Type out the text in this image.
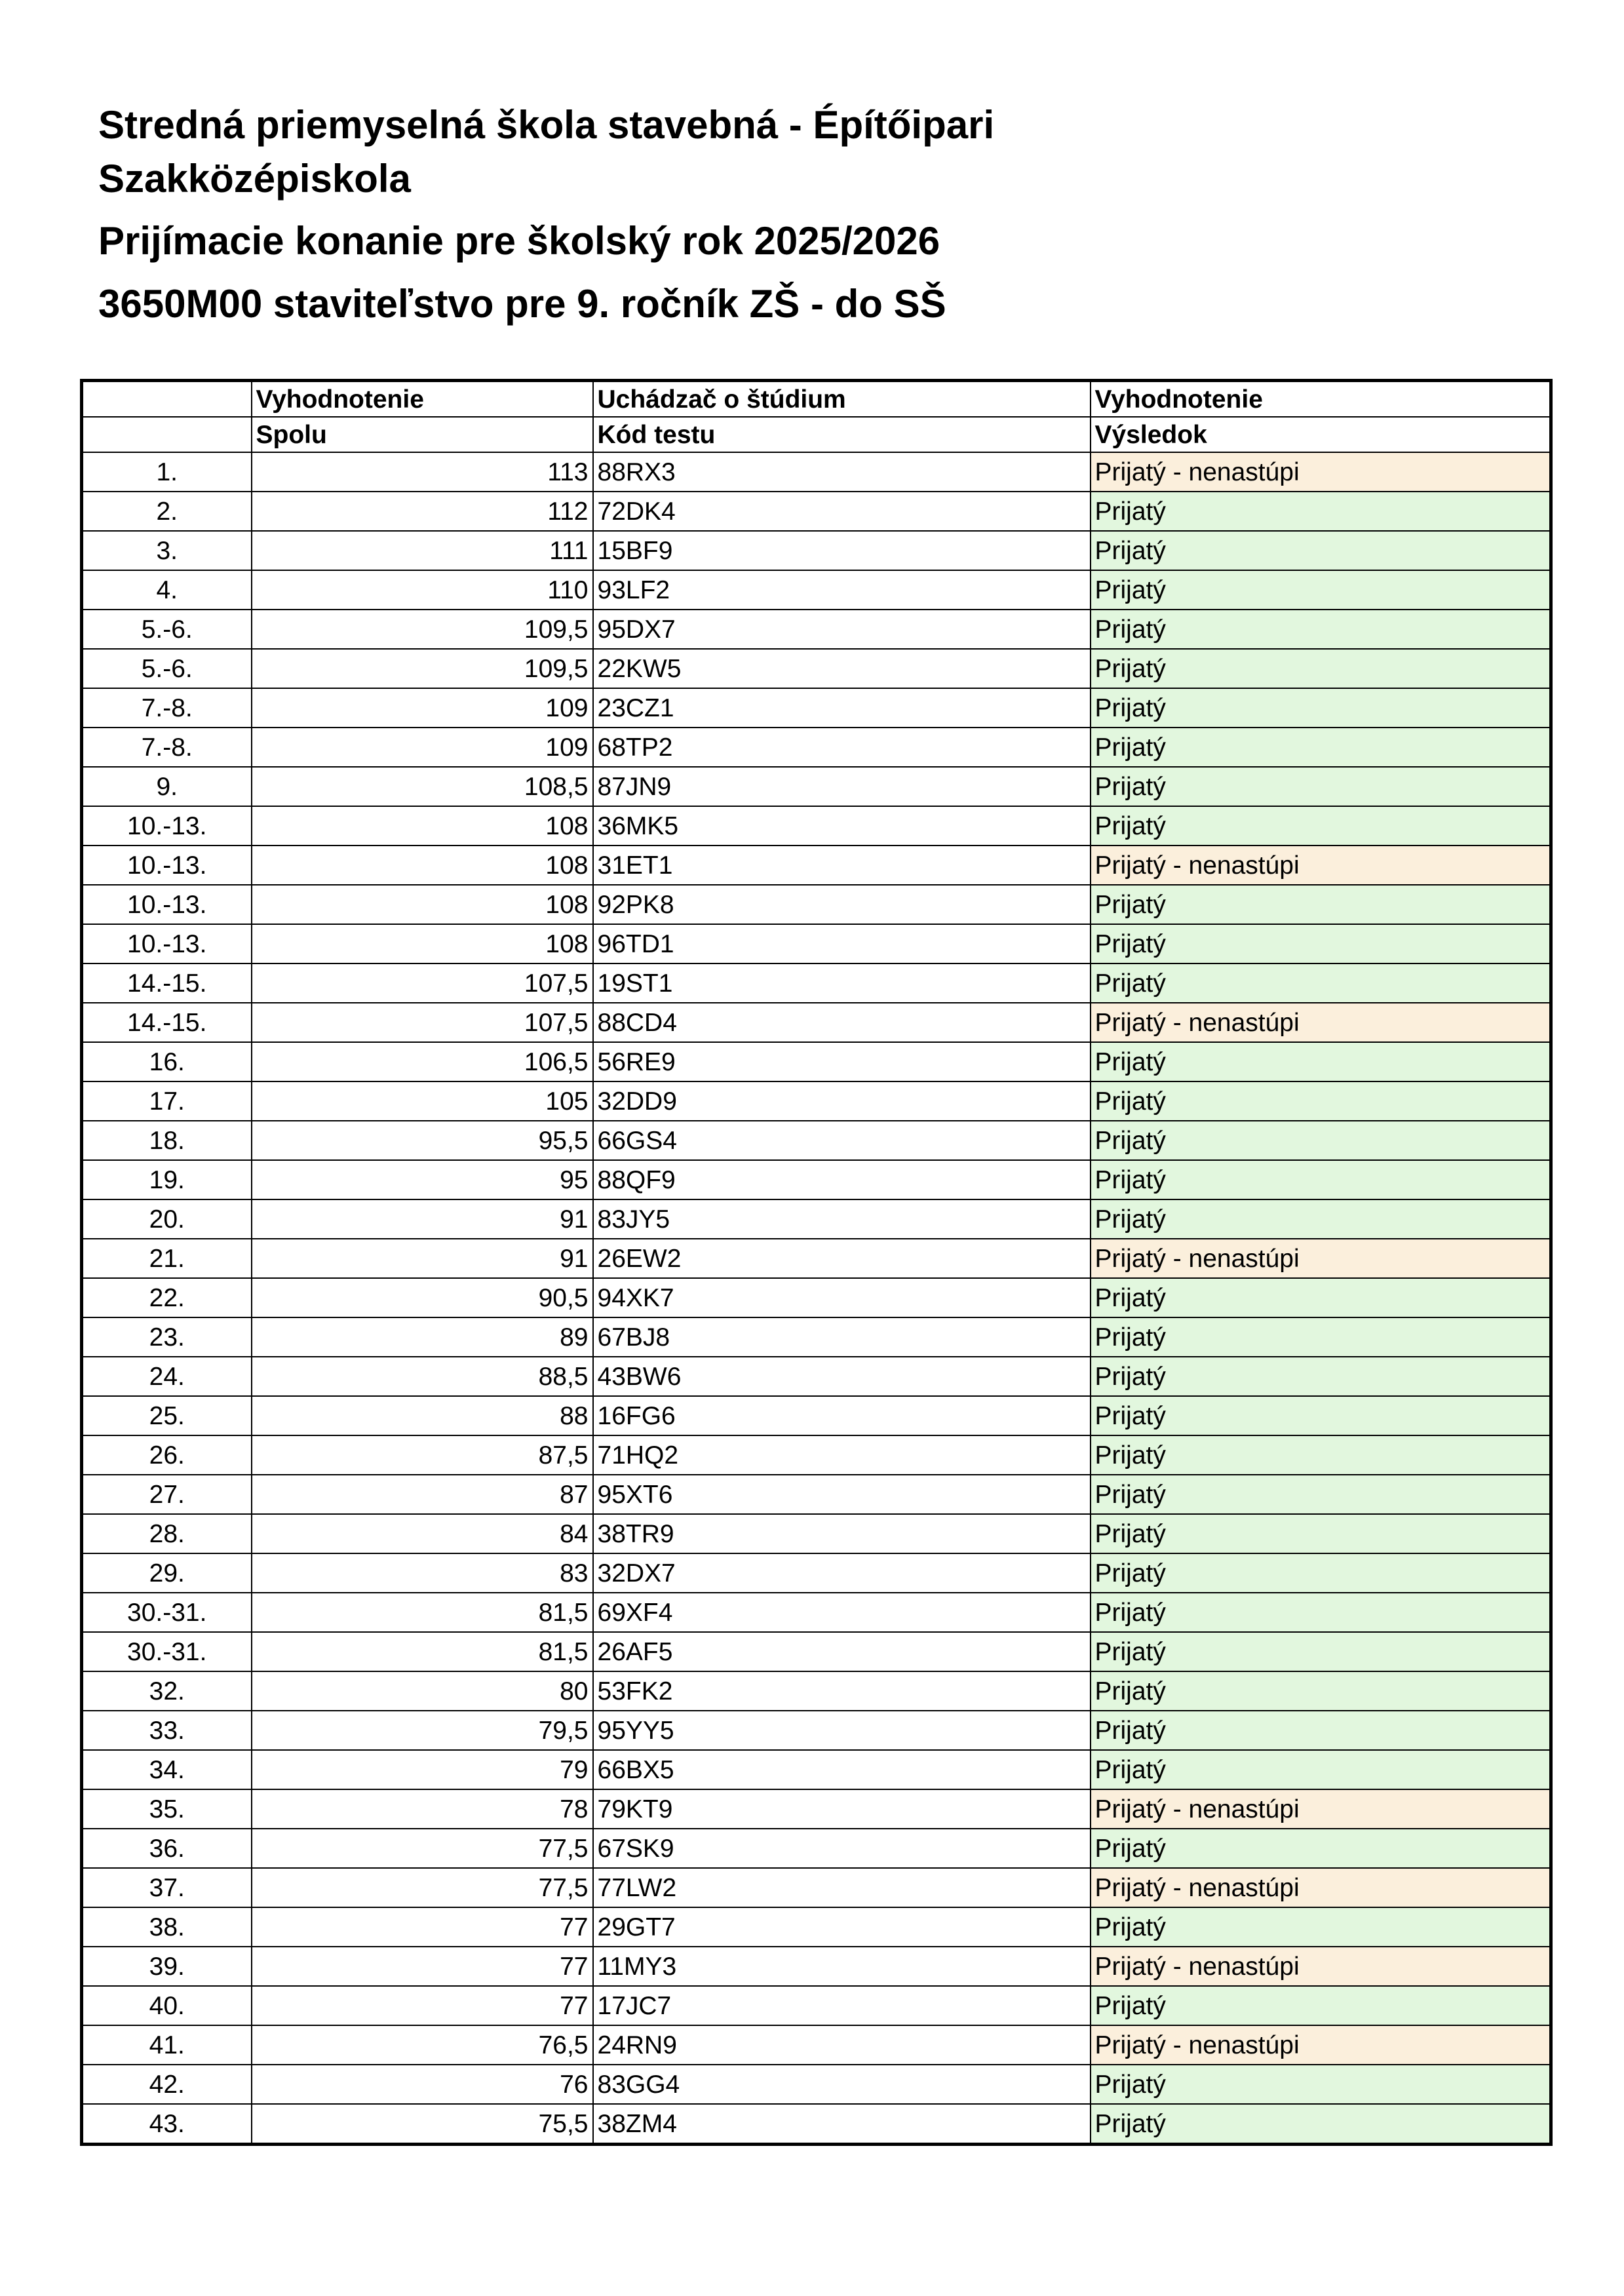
Stredná priemyselná škola stavebná - Építőipari

Szakközépiskola

Prijímacie konanie pre školský rok 2025/2026

3650M00 staviteľstvo pre 9. ročník ZŠ - do SŠ

	Vyhodnotenie	Uchádzač o štúdium	Vyhodnotenie
	Spolu	Kód testu	Výsledok
1.	113	88RX3	Prijatý - nenastúpi
2.	112	72DK4	Prijatý
3.	111	15BF9	Prijatý
4.	110	93LF2	Prijatý
5.-6.	109,5	95DX7	Prijatý
5.-6.	109,5	22KW5	Prijatý
7.-8.	109	23CZ1	Prijatý
7.-8.	109	68TP2	Prijatý
9.	108,5	87JN9	Prijatý
10.-13.	108	36MK5	Prijatý
10.-13.	108	31ET1	Prijatý - nenastúpi
10.-13.	108	92PK8	Prijatý
10.-13.	108	96TD1	Prijatý
14.-15.	107,5	19ST1	Prijatý
14.-15.	107,5	88CD4	Prijatý - nenastúpi
16.	106,5	56RE9	Prijatý
17.	105	32DD9	Prijatý
18.	95,5	66GS4	Prijatý
19.	95	88QF9	Prijatý
20.	91	83JY5	Prijatý
21.	91	26EW2	Prijatý - nenastúpi
22.	90,5	94XK7	Prijatý
23.	89	67BJ8	Prijatý
24.	88,5	43BW6	Prijatý
25.	88	16FG6	Prijatý
26.	87,5	71HQ2	Prijatý
27.	87	95XT6	Prijatý
28.	84	38TR9	Prijatý
29.	83	32DX7	Prijatý
30.-31.	81,5	69XF4	Prijatý
30.-31.	81,5	26AF5	Prijatý
32.	80	53FK2	Prijatý
33.	79,5	95YY5	Prijatý
34.	79	66BX5	Prijatý
35.	78	79KT9	Prijatý - nenastúpi
36.	77,5	67SK9	Prijatý
37.	77,5	77LW2	Prijatý - nenastúpi
38.	77	29GT7	Prijatý
39.	77	11MY3	Prijatý - nenastúpi
40.	77	17JC7	Prijatý
41.	76,5	24RN9	Prijatý - nenastúpi
42.	76	83GG4	Prijatý
43.	75,5	38ZM4	Prijatý
